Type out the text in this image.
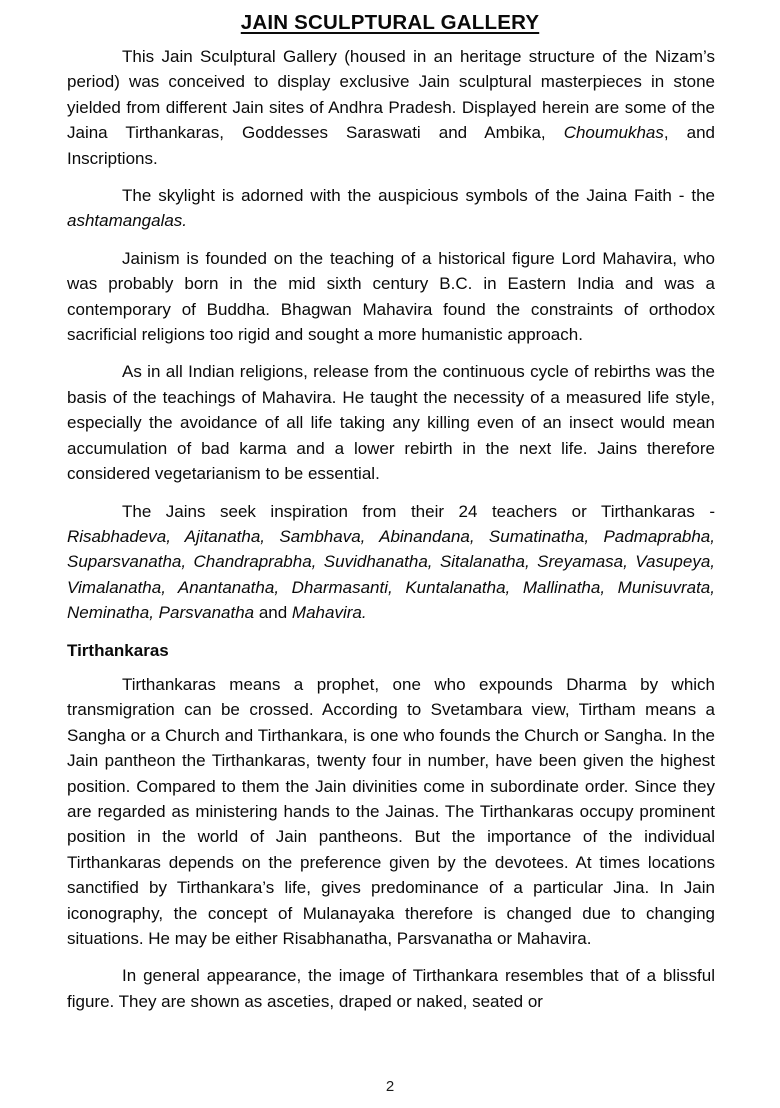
JAIN SCULPTURAL GALLERY

This Jain Sculptural Gallery (housed in an heritage structure of the Nizam’s period) was conceived to display exclusive Jain sculptural masterpieces in stone yielded from different Jain sites of Andhra Pradesh. Displayed herein are some of the Jaina Tirthankaras, Goddesses Saraswati and Ambika, Choumukhas, and Inscriptions.

The skylight is adorned with the auspicious symbols of the Jaina Faith - the ashtamangalas.

Jainism is founded on the teaching of a historical figure Lord Mahavira, who was probably born in the mid sixth century B.C. in Eastern India and was a contemporary of Buddha. Bhagwan Mahavira found the constraints of orthodox sacrificial religions too rigid and sought a more humanistic approach.

As in all Indian religions, release from the continuous cycle of rebirths was the basis of the teachings of Mahavira. He taught the necessity of a measured life style, especially the avoidance of all life taking any killing even of an insect would mean accumulation of bad karma and a lower rebirth in the next life. Jains therefore considered vegetarianism to be essential.

The Jains seek inspiration from their 24 teachers or Tirthankaras - Risabhadeva, Ajitanatha, Sambhava, Abinandana, Sumatinatha, Padmaprabha, Suparsvanatha, Chandraprabha, Suvidhanatha, Sitalanatha, Sreyamasa, Vasupeya, Vimalanatha, Anantanatha, Dharmasanti, Kuntalanatha, Mallinatha, Munisuvrata, Neminatha, Parsvanatha and Mahavira.

Tirthankaras

Tirthankaras means a prophet, one who expounds Dharma by which transmigration can be crossed. According to Svetambara view, Tirtham means a Sangha or a Church and Tirthankara, is one who founds the Church or Sangha. In the Jain pantheon the Tirthankaras, twenty four in number, have been given the highest position. Compared to them the Jain divinities come in subordinate order. Since they are regarded as ministering hands to the Jainas. The Tirthankaras occupy prominent position in the world of Jain pantheons. But the importance of the individual Tirthankaras depends on the preference given by the devotees. At times locations sanctified by Tirthankara’s life, gives predominance of a particular Jina. In Jain iconography, the concept of Mulanayaka therefore is changed due to changing situations. He may be either Risabhanatha, Parsvanatha or Mahavira.

In general appearance, the image of Tirthankara resembles that of a blissful figure. They are shown as asceties, draped or naked, seated or

2
